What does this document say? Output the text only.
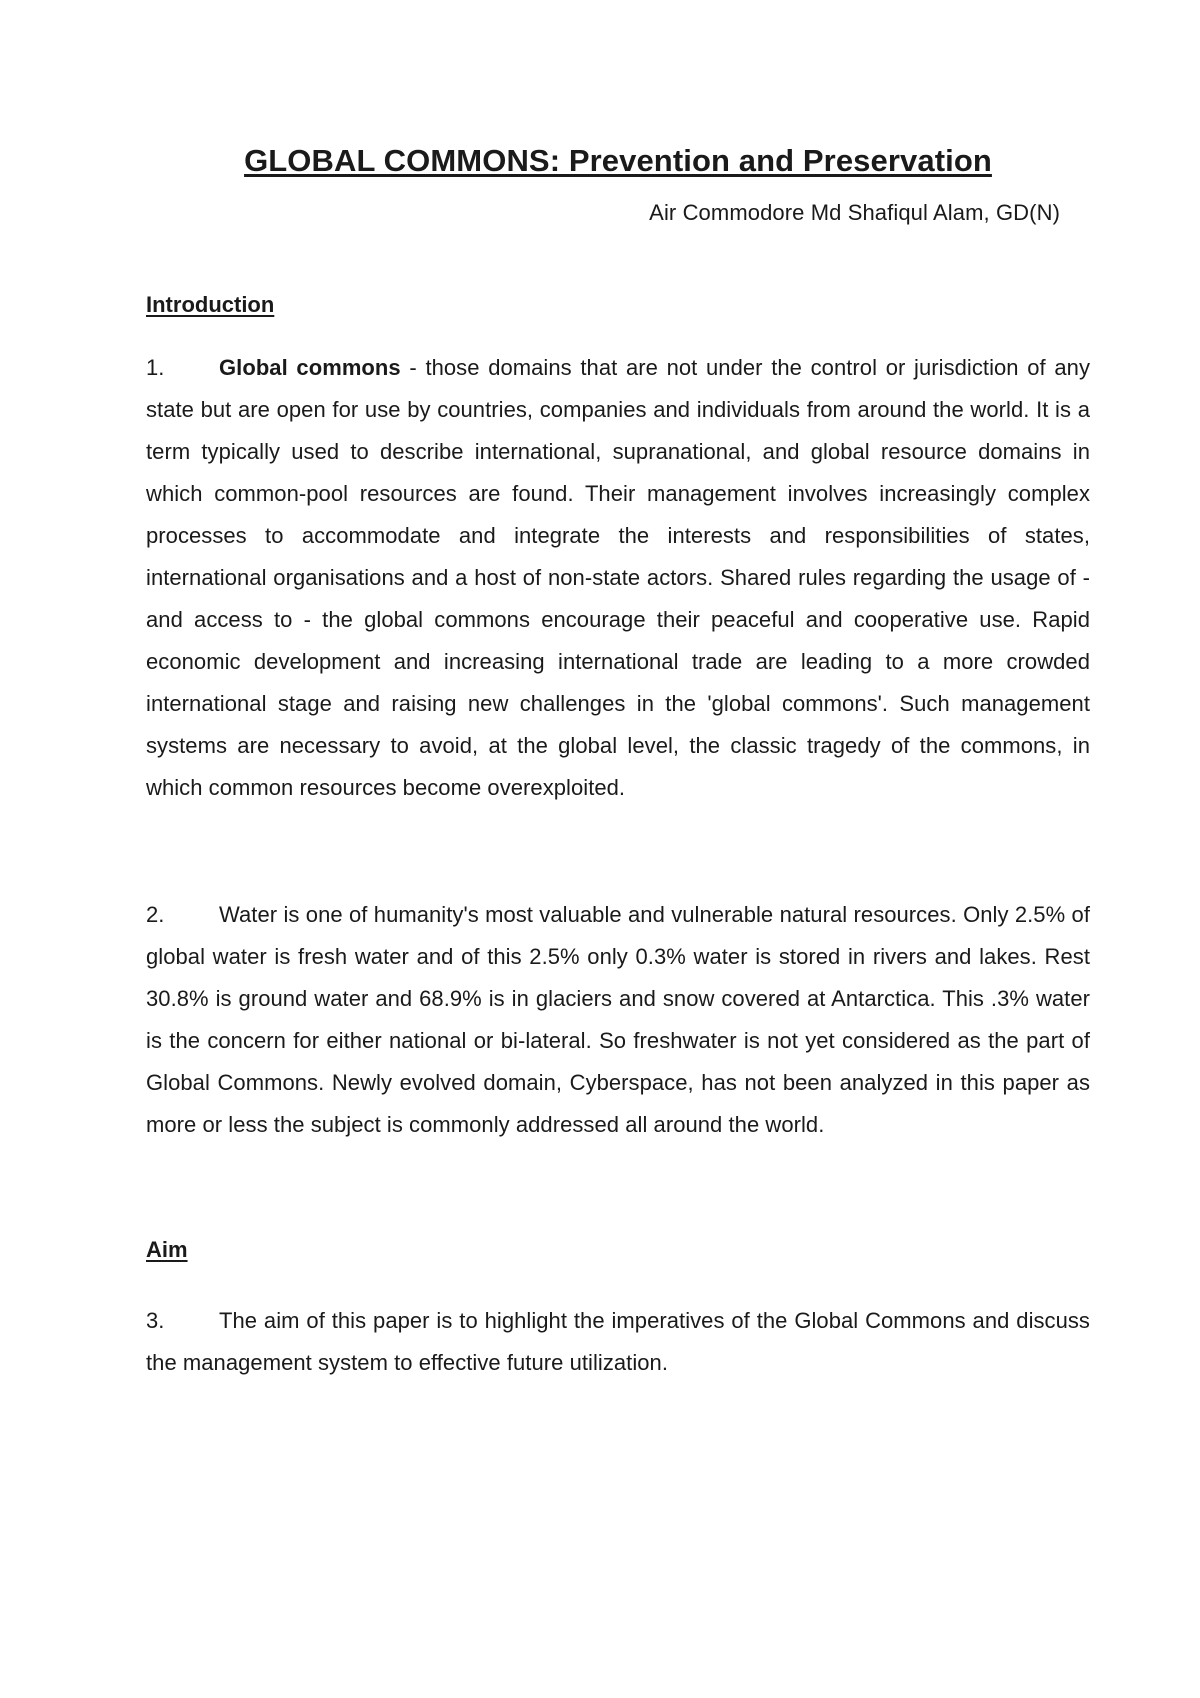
GLOBAL COMMONS: Prevention and Preservation

Air Commodore Md Shafiqul Alam, GD(N)

Introduction

1. Global commons - those domains that are not under the control or jurisdiction of any state but are open for use by countries, companies and individuals from around the world. It is a term typically used to describe international, supranational, and global resource domains in which common-pool resources are found. Their management involves increasingly complex processes to accommodate and integrate the interests and responsibilities of states, international organisations and a host of non-state actors. Shared rules regarding the usage of - and access to - the global commons encourage their peaceful and cooperative use. Rapid economic development and increasing international trade are leading to a more crowded international stage and raising new challenges in the 'global commons'. Such management systems are necessary to avoid, at the global level, the classic tragedy of the commons, in which common resources become overexploited.

2. Water is one of humanity's most valuable and vulnerable natural resources. Only 2.5% of global water is fresh water and of this 2.5% only 0.3% water is stored in rivers and lakes. Rest 30.8% is ground water and 68.9% is in glaciers and snow covered at Antarctica. This .3% water is the concern for either national or bi-lateral. So freshwater is not yet considered as the part of Global Commons. Newly evolved domain, Cyberspace, has not been analyzed in this paper as more or less the subject is commonly addressed all around the world.

Aim

3. The aim of this paper is to highlight the imperatives of the Global Commons and discuss the management system to effective future utilization.
